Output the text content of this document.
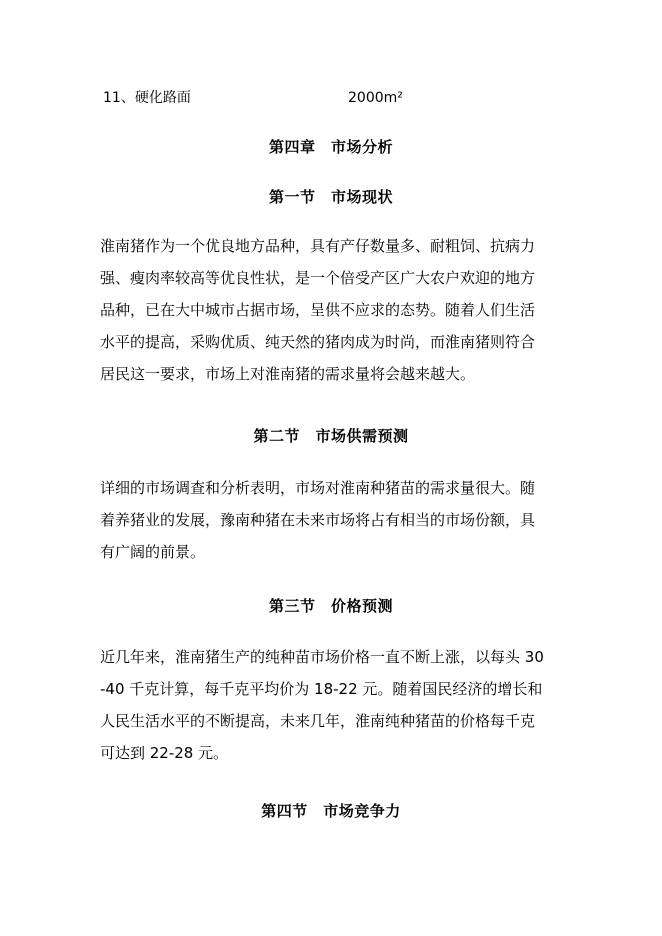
11、硬化路面	2000m²
第四章　市场分析
第一节　市场现状
淮南猪作为一个优良地方品种，具有产仔数量多、耐粗饲、抗病力
强、瘦肉率较高等优良性状，是一个倍受产区广大农户欢迎的地方
品种，已在大中城市占据市场，呈供不应求的态势。随着人们生活
水平的提高，采购优质、纯天然的猪肉成为时尚，而淮南猪则符合
居民这一要求，市场上对淮南猪的需求量将会越来越大。
第二节　市场供需预测
详细的市场调查和分析表明，市场对淮南种猪苗的需求量很大。随
着养猪业的发展，豫南种猪在未来市场将占有相当的市场份额，具
有广阔的前景。
第三节　价格预测
近几年来，淮南猪生产的纯种苗市场价格一直不断上涨，以每头 30
-40 千克计算，每千克平均价为 18-22 元。随着国民经济的增长和
人民生活水平的不断提高，未来几年，淮南纯种猪苗的价格每千克
可达到 22-28 元。
第四节　市场竞争力
